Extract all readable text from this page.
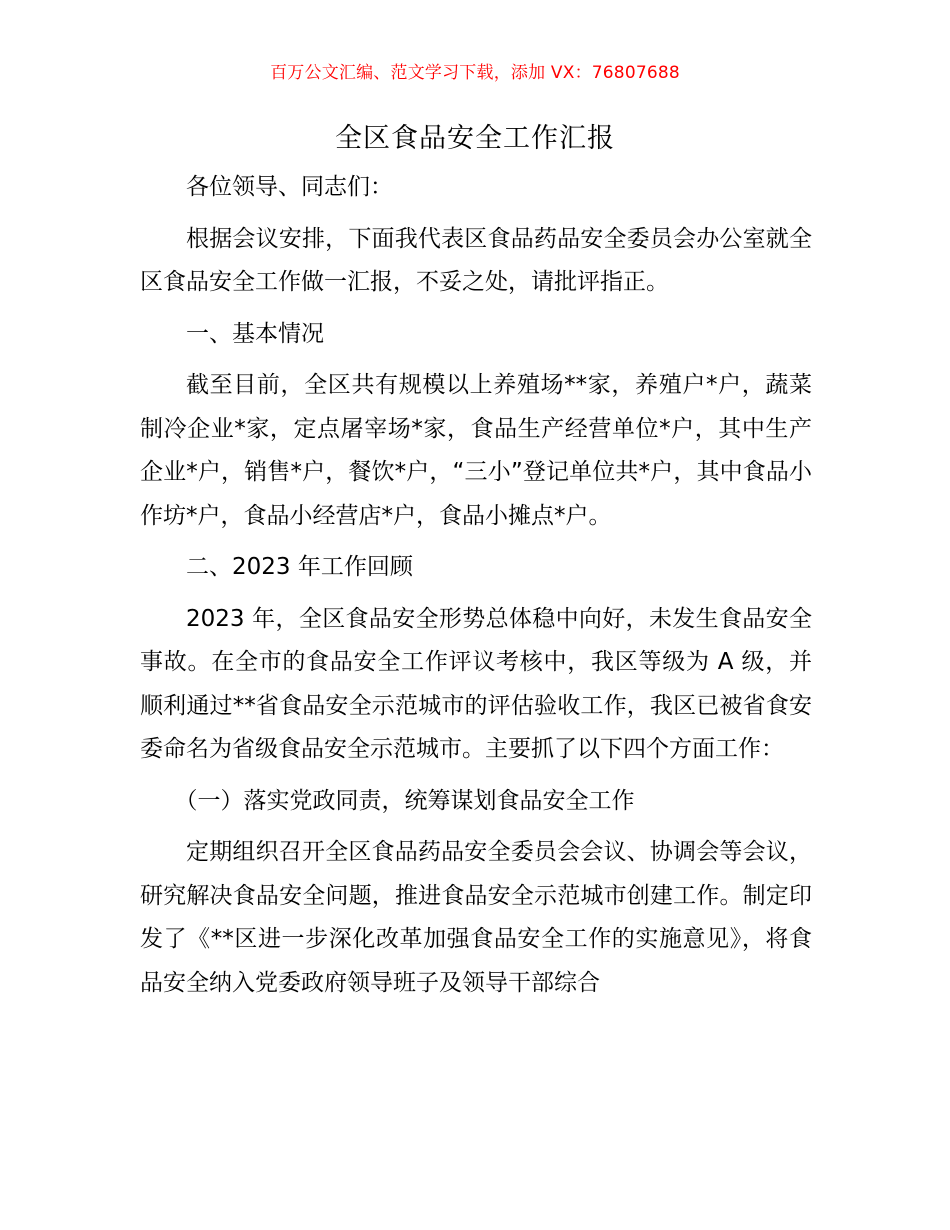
百万公文汇编、范文学习下载，添加 VX：76807688
全区食品安全工作汇报

各位领导、同志们：

根据会议安排，下面我代表区食品药品安全委员会办公室就全区食品安全工作做一汇报，不妥之处，请批评指正。

一、基本情况

截至目前，全区共有规模以上养殖场**家，养殖户*户，蔬菜制冷企业*家，定点屠宰场*家，食品生产经营单位*户，其中生产企业*户，销售*户，餐饮*户，“三小”登记单位共*户，其中食品小作坊*户，食品小经营店*户，食品小摊点*户。

二、2023 年工作回顾

2023 年，全区食品安全形势总体稳中向好，未发生食品安全事故。在全市的食品安全工作评议考核中，我区等级为 A 级，并顺利通过**省食品安全示范城市的评估验收工作，我区已被省食安委命名为省级食品安全示范城市。主要抓了以下四个方面工作：

（一）落实党政同责，统筹谋划食品安全工作

定期组织召开全区食品药品安全委员会会议、协调会等会议，研究解决食品安全问题，推进食品安全示范城市创建工作。制定印发了《**区进一步深化改革加强食品安全工作的实施意见》，将食品安全纳入党委政府领导班子及领导干部综合
